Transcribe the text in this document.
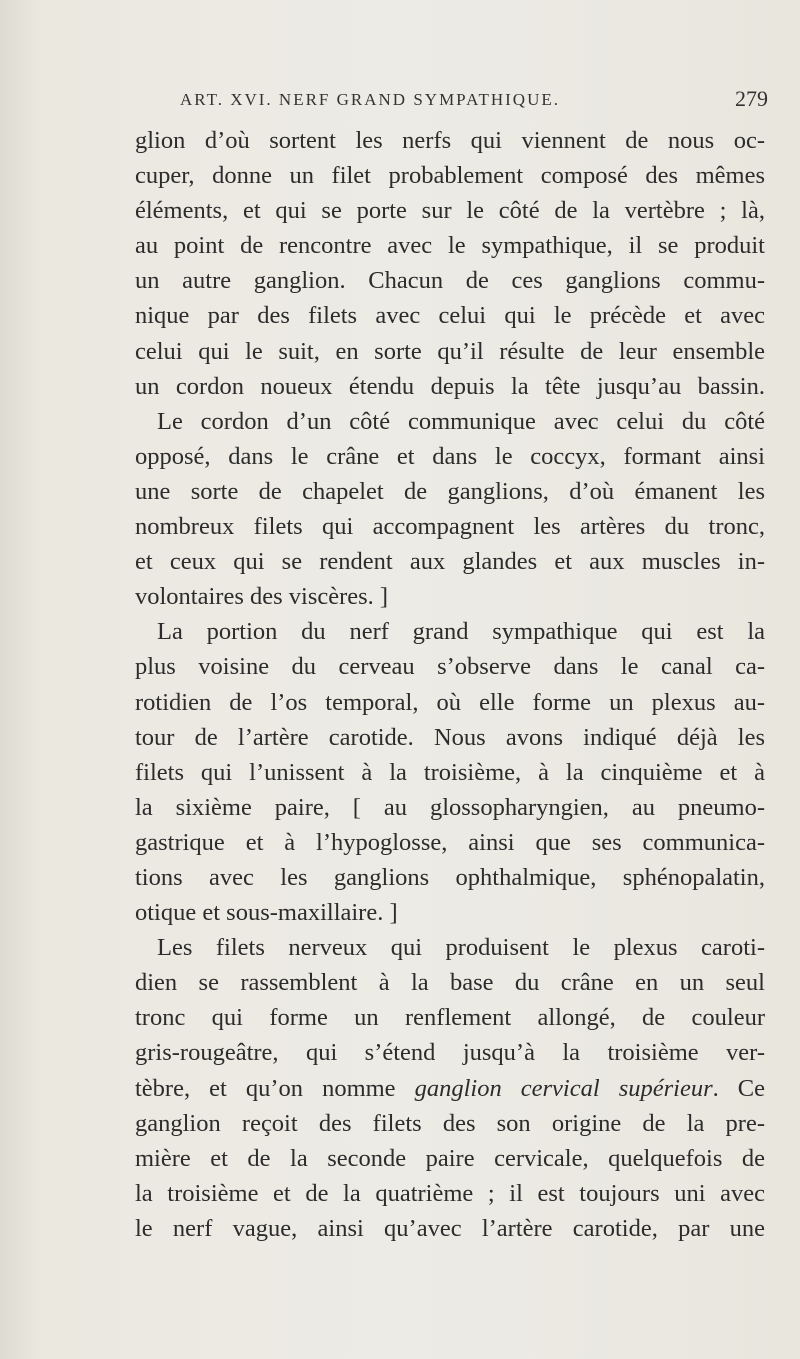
ART. XVI. NERF GRAND SYMPATHIQUE.	279
glion d’où sortent les nerfs qui viennent de nous oc-
cuper, donne un filet probablement composé des mêmes
éléments, et qui se porte sur le côté de la vertèbre ; là,
au point de rencontre avec le sympathique, il se produit
un autre ganglion. Chacun de ces ganglions commu-
nique par des filets avec celui qui le précède et avec
celui qui le suit, en sorte qu’il résulte de leur ensemble
un cordon noueux étendu depuis la tête jusqu’au bassin.
Le cordon d’un côté communique avec celui du côté
opposé, dans le crâne et dans le coccyx, formant ainsi
une sorte de chapelet de ganglions, d’où émanent les
nombreux filets qui accompagnent les artères du tronc,
et ceux qui se rendent aux glandes et aux muscles in-
volontaires des viscères. ]
La portion du nerf grand sympathique qui est la
plus voisine du cerveau s’observe dans le canal ca-
rotidien de l’os temporal, où elle forme un plexus au-
tour de l’artère carotide. Nous avons indiqué déjà les
filets qui l’unissent à la troisième, à la cinquième et à
la sixième paire, [ au glossopharyngien, au pneumo-
gastrique et à l’hypoglosse, ainsi que ses communica-
tions avec les ganglions ophthalmique, sphénopalatin,
otique et sous-maxillaire. ]
Les filets nerveux qui produisent le plexus caroti-
dien se rassemblent à la base du crâne en un seul
tronc qui forme un renflement allongé, de couleur
gris-rougeâtre, qui s’étend jusqu’à la troisième ver-
tèbre, et qu’on nomme ganglion cervical supérieur. Ce
ganglion reçoit des filets des son origine de la pre-
mière et de la seconde paire cervicale, quelquefois de
la troisième et de la quatrième ; il est toujours uni avec
le nerf vague, ainsi qu’avec l’artère carotide, par une
